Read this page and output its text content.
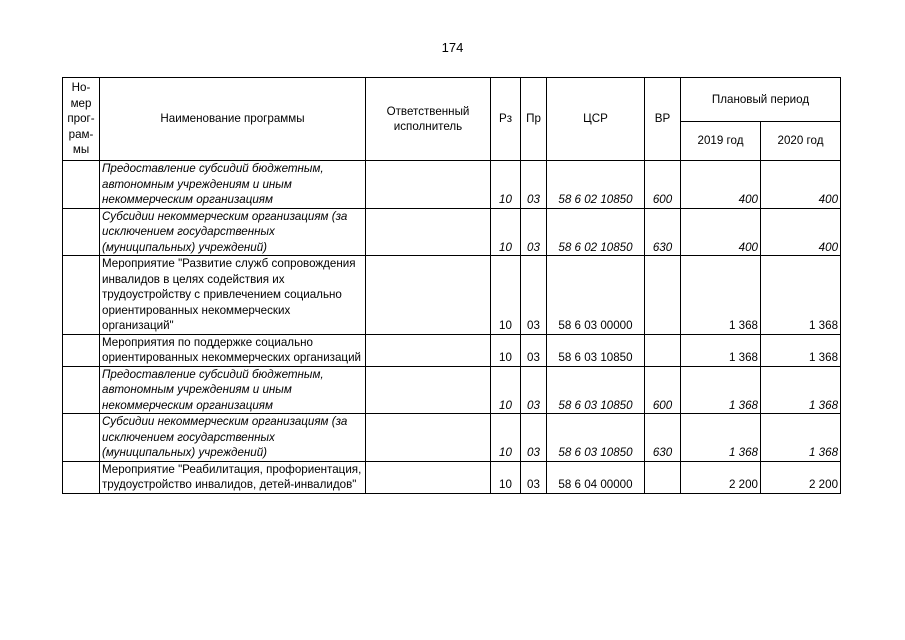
174
Но-мер прог-рам-мы	Наименование программы	Ответственный исполнитель	Рз	Пр	ЦСР	ВР	Плановый период	
							2019 год	2020 год
	Предоставление субсидий бюджетным, автономным учреждениям и иным некоммерческим организациям		10	03	58 6 02 10850	600	400	400
	Субсидии некоммерческим организациям (за исключением государственных (муниципальных) учреждений)		10	03	58 6 02 10850	630	400	400
	Мероприятие "Развитие служб сопровождения инвалидов в целях содействия их трудоустройству с привлечением социально ориентированных некоммерческих организаций"		10	03	58 6 03 00000		1 368	1 368
	Мероприятия по поддержке социально ориентированных некоммерческих организаций		10	03	58 6 03 10850		1 368	1 368
	Предоставление субсидий бюджетным, автономным учреждениям и иным некоммерческим организациям		10	03	58 6 03 10850	600	1 368	1 368
	Субсидии некоммерческим организациям (за исключением государственных (муниципальных) учреждений)		10	03	58 6 03 10850	630	1 368	1 368
	Мероприятие "Реабилитация, профориентация, трудоустройство инвалидов, детей-инвалидов"		10	03	58 6 04 00000		2 200	2 200
